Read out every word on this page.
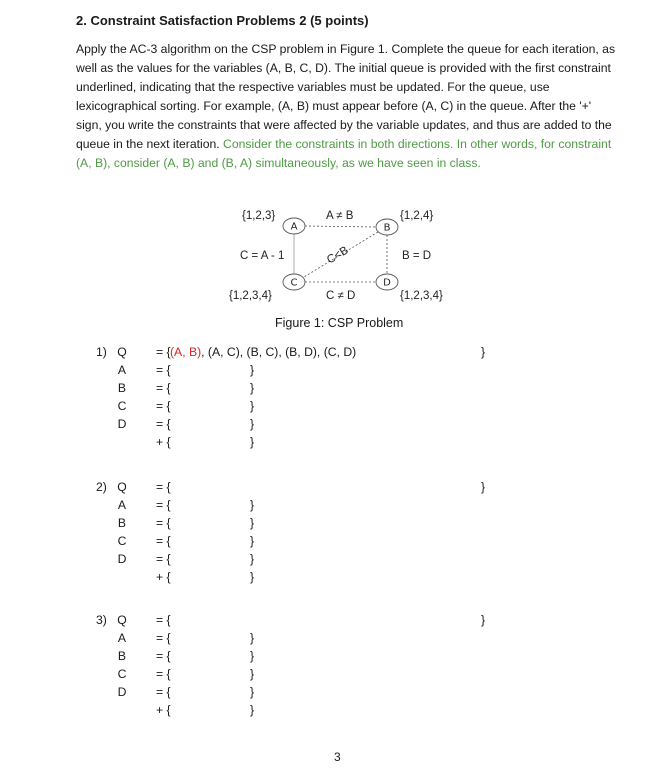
2. Constraint Satisfaction Problems 2 (5 points)
Apply the AC-3 algorithm on the CSP problem in Figure 1. Complete the queue for each iteration, as well as the values for the variables (A, B, C, D). The initial queue is provided with the first constraint underlined, indicating that the respective variables must be updated. For the queue, use lexicographical sorting. For example, (A, B) must appear before (A, C) in the queue. After the '+' sign, you write the constraints that were affected by the variable updates, and thus are added to the queue in the next iteration. Consider the constraints in both directions. In other words, for constraint (A, B), consider (A, B) and (B, A) simultaneously, as we have seen in class.
A	B
C	D
{1,2,3}	{1,2,4}
{1,2,3,4}	{1,2,3,4}
A ≠ B
C = A - 1	C<B	B = D
C ≠ D
Figure 1: CSP Problem
1) Q = { (A, B), (A, C), (B, C), (B, D), (C, D)	}
A = {	}
B = {	}
C = {	}
D = {	}
+ {	}
2) Q = {	}
A = {	}
B = {	}
C = {	}
D = {	}
+ {	}
3) Q = {	}
A = {	}
B = {	}
C = {	}
D = {	}
+ {	}
3
